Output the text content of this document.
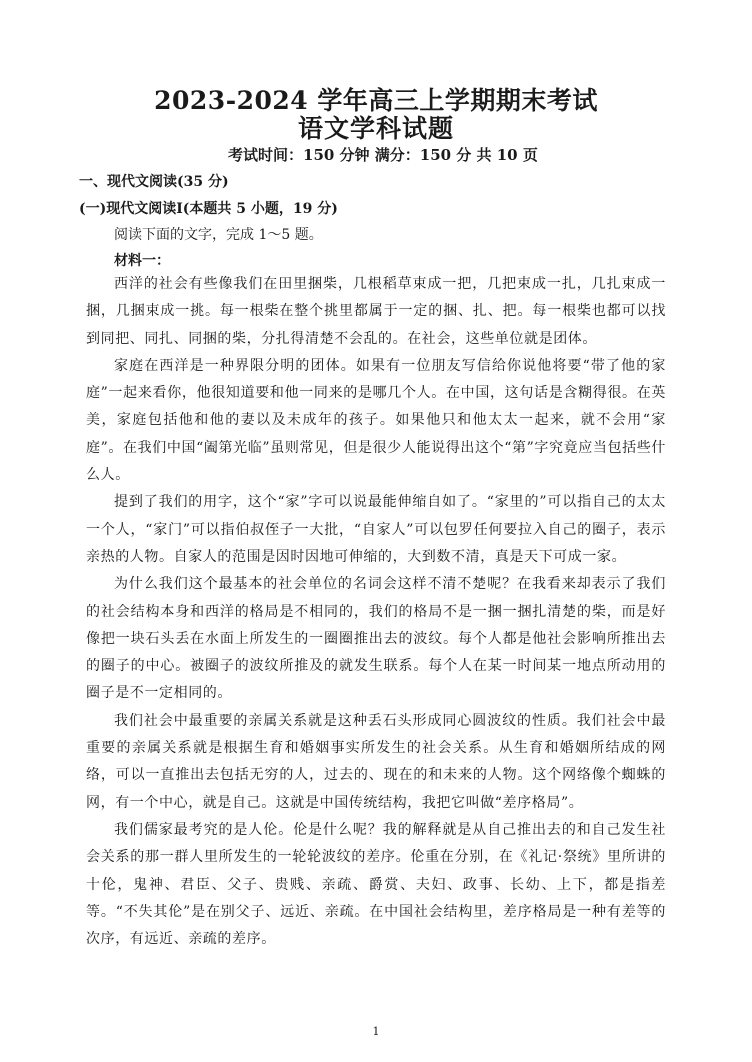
2023-2024 学年高三上学期期末考试
语文学科试题
考试时间：150 分钟 满分：150 分 共 10 页
一、现代文阅读(35 分)
(一)现代文阅读Ⅰ(本题共 5 小题，19 分)
阅读下面的文字，完成 1～5 题。
材料一：

西洋的社会有些像我们在田里捆柴，几根稻草束成一把，几把束成一扎，几扎束成一捆，几捆束成一挑。每一根柴在整个挑里都属于一定的捆、扎、把。每一根柴也都可以找到同把、同扎、同捆的柴，分扎得清楚不会乱的。在社会，这些单位就是团体。

家庭在西洋是一种界限分明的团体。如果有一位朋友写信给你说他将要“带了他的家庭”一起来看你，他很知道要和他一同来的是哪几个人。在中国，这句话是含糊得很。在英美，家庭包括他和他的妻以及未成年的孩子。如果他只和他太太一起来，就不会用“家庭”。在我们中国“阖第光临”虽则常见，但是很少人能说得出这个“第”字究竟应当包括些什么人。

提到了我们的用字，这个“家”字可以说最能伸缩自如了。“家里的”可以指自己的太太一个人，“家门”可以指伯叔侄子一大批，“自家人”可以包罗任何要拉入自己的圈子，表示亲热的人物。自家人的范围是因时因地可伸缩的，大到数不清，真是天下可成一家。

为什么我们这个最基本的社会单位的名词会这样不清不楚呢？在我看来却表示了我们的社会结构本身和西洋的格局是不相同的，我们的格局不是一捆一捆扎清楚的柴，而是好像把一块石头丢在水面上所发生的一圈圈推出去的波纹。每个人都是他社会影响所推出去的圈子的中心。被圈子的波纹所推及的就发生联系。每个人在某一时间某一地点所动用的圈子是不一定相同的。

我们社会中最重要的亲属关系就是这种丢石头形成同心圆波纹的性质。我们社会中最重要的亲属关系就是根据生育和婚姻事实所发生的社会关系。从生育和婚姻所结成的网络，可以一直推出去包括无穷的人，过去的、现在的和未来的人物。这个网络像个蜘蛛的网，有一个中心，就是自己。这就是中国传统结构，我把它叫做“差序格局”。

我们儒家最考究的是人伦。伦是什么呢？我的解释就是从自己推出去的和自己发生社会关系的那一群人里所发生的一轮轮波纹的差序。伦重在分别，在《礼记·祭统》里所讲的十伦，鬼神、君臣、父子、贵贱、亲疏、爵赏、夫妇、政事、长幼、上下，都是指差等。“不失其伦”是在别父子、远近、亲疏。在中国社会结构里，差序格局是一种有差等的次序，有远近、亲疏的差序。

1
